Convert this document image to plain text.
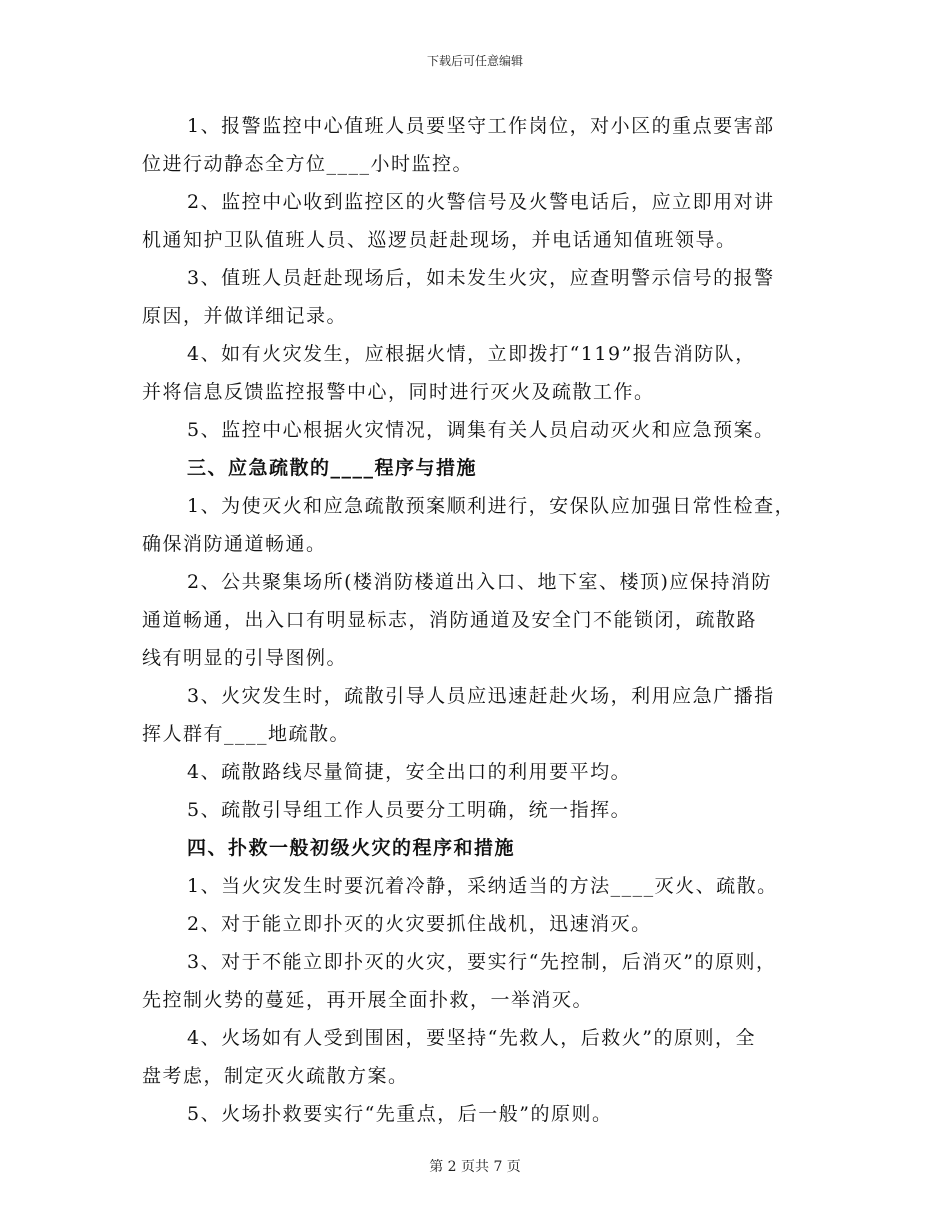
下载后可任意编辑
1、报警监控中心值班人员要坚守工作岗位，对小区的重点要害部
位进行动静态全方位____小时监控。
2、监控中心收到监控区的火警信号及火警电话后，应立即用对讲
机通知护卫队值班人员、巡逻员赶赴现场，并电话通知值班领导。
3、值班人员赶赴现场后，如未发生火灾，应查明警示信号的报警
原因，并做详细记录。
4、如有火灾发生，应根据火情，立即拨打“119”报告消防队，
并将信息反馈监控报警中心，同时进行灭火及疏散工作。
5、监控中心根据火灾情况，调集有关人员启动灭火和应急预案。
三、应急疏散的____程序与措施
1、为使灭火和应急疏散预案顺利进行，安保队应加强日常性检查，
确保消防通道畅通。
2、公共聚集场所(楼消防楼道出入口、地下室、楼顶)应保持消防
通道畅通，出入口有明显标志，消防通道及安全门不能锁闭，疏散路
线有明显的引导图例。
3、火灾发生时，疏散引导人员应迅速赶赴火场，利用应急广播指
挥人群有____地疏散。
4、疏散路线尽量简捷，安全出口的利用要平均。
5、疏散引导组工作人员要分工明确，统一指挥。
四、扑救一般初级火灾的程序和措施
1、当火灾发生时要沉着冷静，采纳适当的方法____灭火、疏散。
2、对于能立即扑灭的火灾要抓住战机，迅速消灭。
3、对于不能立即扑灭的火灾，要实行“先控制，后消灭”的原则，
先控制火势的蔓延，再开展全面扑救，一举消灭。
4、火场如有人受到围困，要坚持“先救人，后救火”的原则，全
盘考虑，制定灭火疏散方案。
5、火场扑救要实行“先重点，后一般”的原则。
第 2 页共 7 页
